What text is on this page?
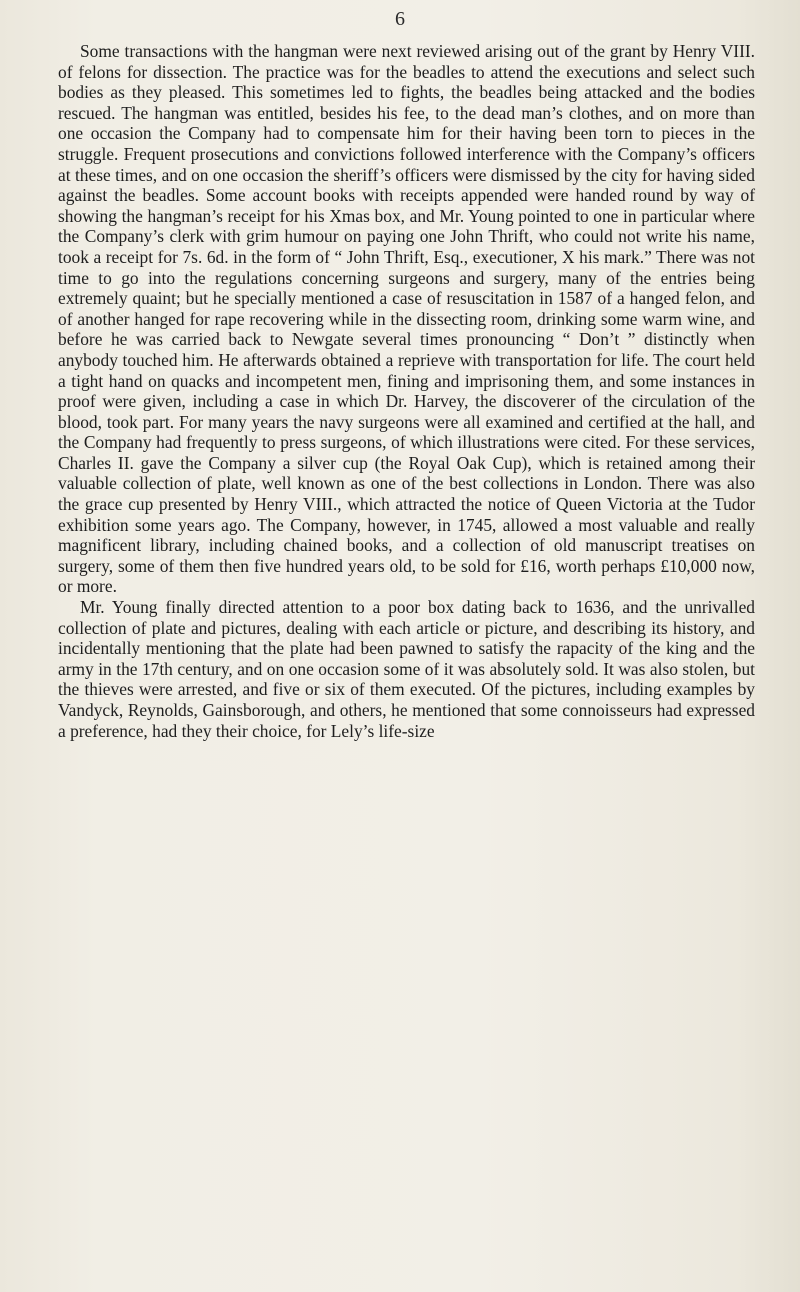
6

Some transactions with the hangman were next reviewed arising out of the grant by Henry VIII. of felons for dissection. The practice was for the beadles to attend the executions and select such bodies as they pleased. This sometimes led to fights, the beadles being attacked and the bodies rescued. The hangman was entitled, besides his fee, to the dead man’s clothes, and on more than one occasion the Company had to compensate him for their having been torn to pieces in the struggle. Frequent prosecutions and convictions followed interference with the Company’s officers at these times, and on one occasion the sheriff’s officers were dismissed by the city for having sided against the beadles. Some account books with receipts appended were handed round by way of showing the hangman’s receipt for his Xmas box, and Mr. Young pointed to one in particular where the Company’s clerk with grim humour on paying one John Thrift, who could not write his name, took a receipt for 7s. 6d. in the form of “ John Thrift, Esq., executioner, X his mark.” There was not time to go into the regulations concerning surgeons and surgery, many of the entries being extremely quaint; but he specially mentioned a case of resuscitation in 1587 of a hanged felon, and of another hanged for rape recovering while in the dissecting room, drinking some warm wine, and before he was carried back to Newgate several times pronouncing “ Don’t ” distinctly when anybody touched him. He afterwards obtained a reprieve with transportation for life. The court held a tight hand on quacks and incompetent men, fining and imprisoning them, and some instances in proof were given, including a case in which Dr. Harvey, the discoverer of the circulation of the blood, took part. For many years the navy surgeons were all examined and certified at the hall, and the Company had frequently to press surgeons, of which illustrations were cited. For these services, Charles II. gave the Company a silver cup (the Royal Oak Cup), which is retained among their valuable collection of plate, well known as one of the best collections in London. There was also the grace cup presented by Henry VIII., which attracted the notice of Queen Victoria at the Tudor exhibition some years ago. The Company, however, in 1745, allowed a most valuable and really magnificent library, including chained books, and a collection of old manuscript treatises on surgery, some of them then five hundred years old, to be sold for £16, worth perhaps £10,000 now, or more.

Mr. Young finally directed attention to a poor box dating back to 1636, and the unrivalled collection of plate and pictures, dealing with each article or picture, and describing its history, and incidentally mentioning that the plate had been pawned to satisfy the rapacity of the king and the army in the 17th century, and on one occasion some of it was absolutely sold. It was also stolen, but the thieves were arrested, and five or six of them executed. Of the pictures, including examples by Vandyck, Reynolds, Gainsborough, and others, he mentioned that some connoisseurs had expressed a preference, had they their choice, for Lely’s life-size
